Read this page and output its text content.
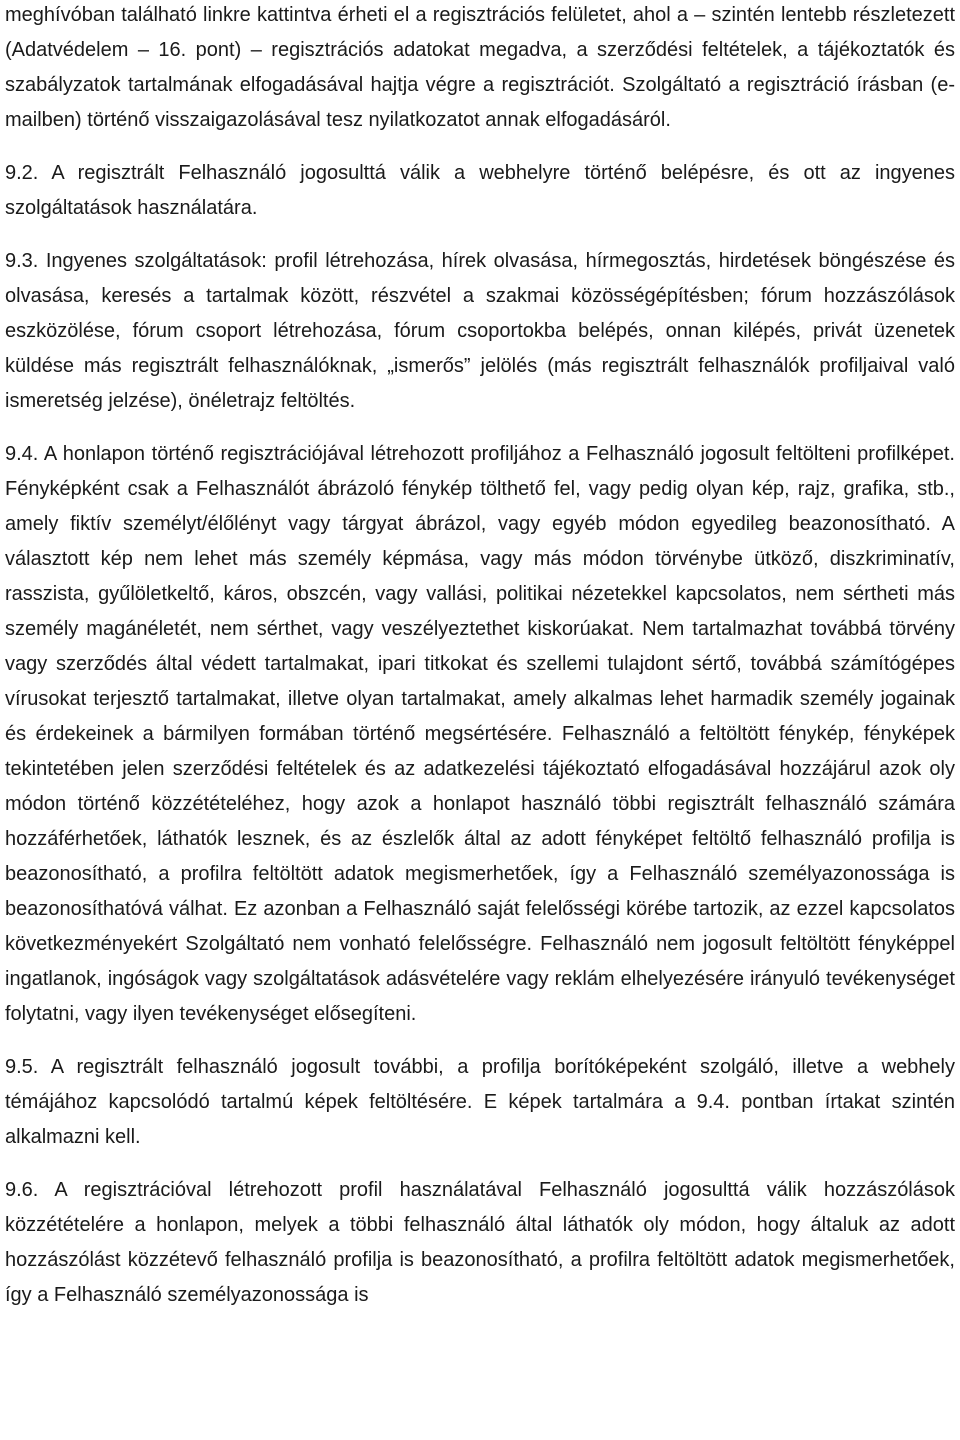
meghívóban található linkre kattintva érheti el a regisztrációs felületet, ahol a – szintén lentebb részletezett (Adatvédelem – 16. pont) – regisztrációs adatokat megadva, a szerződési feltételek, a tájékoztatók és szabályzatok tartalmának elfogadásával hajtja végre a regisztrációt. Szolgáltató a regisztráció írásban (e-mailben) történő visszaigazolásával tesz nyilatkozatot annak elfogadásáról.

9.2. A regisztrált Felhasználó jogosulttá válik a webhelyre történő belépésre, és ott az ingyenes szolgáltatások használatára.

9.3. Ingyenes szolgáltatások: profil létrehozása, hírek olvasása, hírmegosztás, hirdetések böngészése és olvasása, keresés a tartalmak között, részvétel a szakmai közösségépítésben; fórum hozzászólások eszközölése, fórum csoport létrehozása, fórum csoportokba belépés, onnan kilépés, privát üzenetek küldése más regisztrált felhasználóknak, „ismerős” jelölés (más regisztrált felhasználók profiljaival való ismeretség jelzése), önéletrajz feltöltés.

9.4. A honlapon történő regisztrációjával létrehozott profiljához a Felhasználó jogosult feltölteni profilképet. Fényképként csak a Felhasználót ábrázoló fénykép tölthető fel, vagy pedig olyan kép, rajz, grafika, stb., amely fiktív személyt/élőlényt vagy tárgyat ábrázol, vagy egyéb módon egyedileg beazonosítható. A választott kép nem lehet más személy képmása, vagy más módon törvénybe ütköző, diszkriminatív, rasszista, gyűlöletkeltő, káros, obszcén, vagy vallási, politikai nézetekkel kapcsolatos, nem sértheti más személy magánéletét, nem sérthet, vagy veszélyeztethet kiskorúakat. Nem tartalmazhat továbbá törvény vagy szerződés által védett tartalmakat, ipari titkokat és szellemi tulajdont sértő, továbbá számítógépes vírusokat terjesztő tartalmakat, illetve olyan tartalmakat, amely alkalmas lehet harmadik személy jogainak és érdekeinek a bármilyen formában történő megsértésére. Felhasználó a feltöltött fénykép, fényképek tekintetében jelen szerződési feltételek és az adatkezelési tájékoztató elfogadásával hozzájárul azok oly módon történő közzétételéhez, hogy azok a honlapot használó többi regisztrált felhasználó számára hozzáférhetőek, láthatók lesznek, és az észlelők által az adott fényképet feltöltő felhasználó profilja is beazonosítható, a profilra feltöltött adatok megismerhetőek, így a Felhasználó személyazonossága is beazonosíthatóvá válhat. Ez azonban a Felhasználó saját felelősségi körébe tartozik, az ezzel kapcsolatos következményekért Szolgáltató nem vonható felelősségre. Felhasználó nem jogosult feltöltött fényképpel ingatlanok, ingóságok vagy szolgáltatások adásvételére vagy reklám elhelyezésére irányuló tevékenységet folytatni, vagy ilyen tevékenységet elősegíteni.

9.5. A regisztrált felhasználó jogosult további, a profilja borítóképeként szolgáló, illetve a webhely témájához kapcsolódó tartalmú képek feltöltésére. E képek tartalmára a 9.4. pontban írtakat szintén alkalmazni kell.

9.6. A regisztrációval létrehozott profil használatával Felhasználó jogosulttá válik hozzászólások közzétételére a honlapon, melyek a többi felhasználó által láthatók oly módon, hogy általuk az adott hozzászólást közzétevő felhasználó profilja is beazonosítható, a profilra feltöltött adatok megismerhetőek, így a Felhasználó személyazonossága is
